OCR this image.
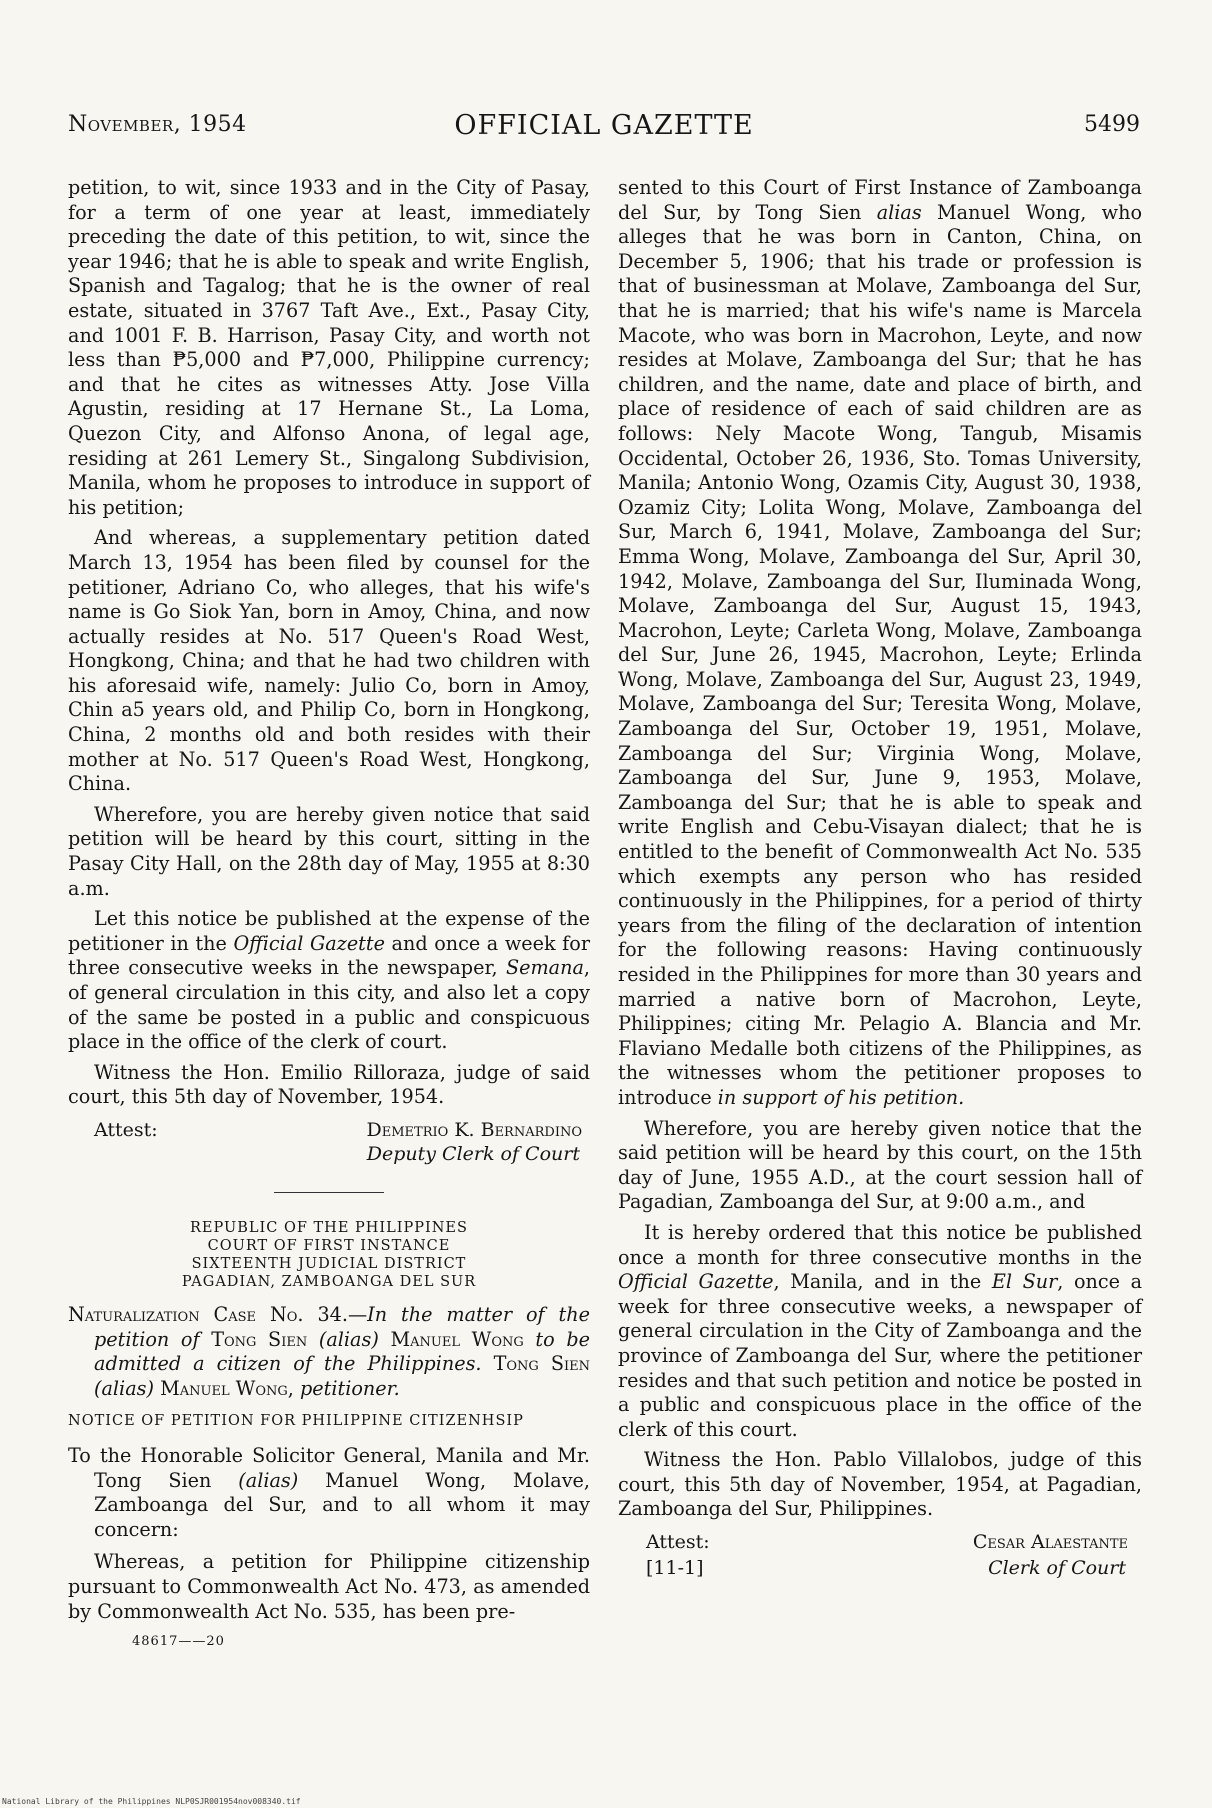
November, 1954	OFFICIAL GAZETTE	5499

petition, to wit, since 1933 and in the City of Pasay, for a term of one year at least, immediately preceding the date of this petition, to wit, since the year 1946; that he is able to speak and write English, Spanish and Tagalog; that he is the owner of real estate, situated in 3767 Taft Ave., Ext., Pasay City, and 1001 F. B. Harrison, Pasay City, and worth not less than ₱5,000 and ₱7,000, Philippine currency; and that he cites as witnesses Atty. Jose Villa Agustin, residing at 17 Hernane St., La Loma, Quezon City, and Alfonso Anona, of legal age, residing at 261 Lemery St., Singalong Subdivision, Manila, whom he proposes to introduce in support of his petition;

And whereas, a supplementary petition dated March 13, 1954 has been filed by counsel for the petitioner, Adriano Co, who alleges, that his wife's name is Go Siok Yan, born in Amoy, China, and now actually resides at No. 517 Queen's Road West, Hongkong, China; and that he had two children with his aforesaid wife, namely: Julio Co, born in Amoy, Chin a5 years old, and Philip Co, born in Hongkong, China, 2 months old and both resides with their mother at No. 517 Queen's Road West, Hongkong, China.

Wherefore, you are hereby given notice that said petition will be heard by this court, sitting in the Pasay City Hall, on the 28th day of May, 1955 at 8:30 a.m.

Let this notice be published at the expense of the petitioner in the Official Gazette and once a week for three consecutive weeks in the newspaper, Semana, of general circulation in this city, and also let a copy of the same be posted in a public and conspicuous place in the office of the clerk of court.

Witness the Hon. Emilio Rilloraza, judge of said court, this 5th day of November, 1954.

Attest:	Demetrio K. Bernardino
Deputy Clerk of Court
REPUBLIC OF THE PHILIPPINES
COURT OF FIRST INSTANCE
SIXTEENTH JUDICIAL DISTRICT
PAGADIAN, ZAMBOANGA DEL SUR
Naturalization Case No. 34.—In the matter of the petition of Tong Sien (alias) Manuel Wong to be admitted a citizen of the Philippines. Tong Sien (alias) Manuel Wong, petitioner.
NOTICE OF PETITION FOR PHILIPPINE CITIZENHSIP
To the Honorable Solicitor General, Manila and Mr. Tong Sien (alias) Manuel Wong, Molave, Zamboanga del Sur, and to all whom it may concern:

Whereas, a petition for Philippine citizenship pursuant to Commonwealth Act No. 473, as amended by Commonwealth Act No. 535, has been pre-

48617——20

sented to this Court of First Instance of Zamboanga del Sur, by Tong Sien alias Manuel Wong, who alleges that he was born in Canton, China, on December 5, 1906; that his trade or profession is that of businessman at Molave, Zamboanga del Sur, that he is married; that his wife's name is Marcela Macote, who was born in Macrohon, Leyte, and now resides at Molave, Zamboanga del Sur; that he has children, and the name, date and place of birth, and place of residence of each of said children are as follows: Nely Macote Wong, Tangub, Misamis Occidental, October 26, 1936, Sto. Tomas University, Manila; Antonio Wong, Ozamis City, August 30, 1938, Ozamiz City; Lolita Wong, Molave, Zamboanga del Sur, March 6, 1941, Molave, Zamboanga del Sur; Emma Wong, Molave, Zamboanga del Sur, April 30, 1942, Molave, Zamboanga del Sur, Iluminada Wong, Molave, Zamboanga del Sur, August 15, 1943, Macrohon, Leyte; Carleta Wong, Molave, Zamboanga del Sur, June 26, 1945, Macrohon, Leyte; Erlinda Wong, Molave, Zamboanga del Sur, August 23, 1949, Molave, Zamboanga del Sur; Teresita Wong, Molave, Zamboanga del Sur, October 19, 1951, Molave, Zamboanga del Sur; Virginia Wong, Molave, Zamboanga del Sur, June 9, 1953, Molave, Zamboanga del Sur; that he is able to speak and write English and Cebu-Visayan dialect; that he is entitled to the benefit of Commonwealth Act No. 535 which exempts any person who has resided continuously in the Philippines, for a period of thirty years from the filing of the declaration of intention for the following reasons: Having continuously resided in the Philippines for more than 30 years and married a native born of Macrohon, Leyte, Philippines; citing Mr. Pelagio A. Blancia and Mr. Flaviano Medalle both citizens of the Philippines, as the witnesses whom the petitioner proposes to introduce in support of his petition.

Wherefore, you are hereby given notice that the said petition will be heard by this court, on the 15th day of June, 1955 A.D., at the court session hall of Pagadian, Zamboanga del Sur, at 9:00 a.m., and

It is hereby ordered that this notice be published once a month for three consecutive months in the Official Gazette, Manila, and in the El Sur, once a week for three consecutive weeks, a newspaper of general circulation in the City of Zamboanga and the province of Zamboanga del Sur, where the petitioner resides and that such petition and notice be posted in a public and conspicuous place in the office of the clerk of this court.

Witness the Hon. Pablo Villalobos, judge of this court, this 5th day of November, 1954, at Pagadian, Zamboanga del Sur, Philippines.

Attest:
[11-1]
Cesar Alaestante
Clerk of Court
National Library of the Philippines NLP0SJR001954nov008340.tif
